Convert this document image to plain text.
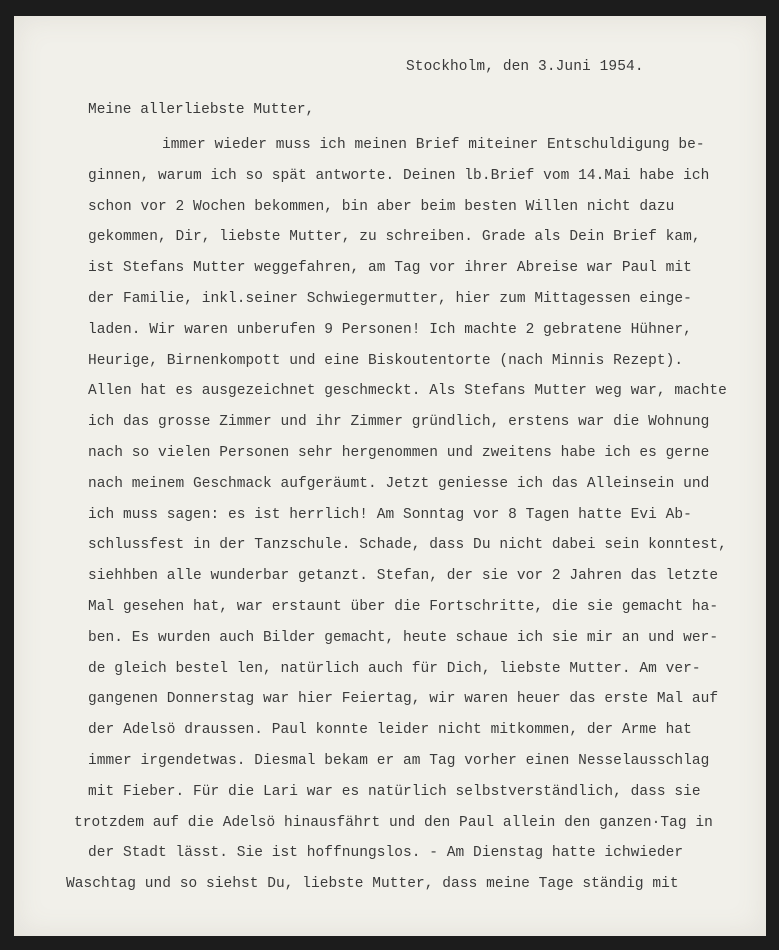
Stockholm, den 3.Juni 1954.
Meine allerliebste Mutter,
immer wieder muss ich meinen Brief miteiner Entschuldigung be-
ginnen, warum ich so spät antworte. Deinen lb.Brief vom 14.Mai habe ich
schon vor 2 Wochen bekommen, bin aber beim besten Willen nicht dazu
gekommen, Dir, liebste Mutter, zu schreiben. Grade als Dein Brief kam,
ist Stefans Mutter weggefahren, am Tag vor ihrer Abreise war Paul mit
der Familie, inkl.seiner Schwiegermutter, hier zum Mittagessen einge-
laden. Wir waren unberufen 9 Personen! Ich machte 2 gebratene Hühner,
Heurige, Birnenkompott und eine Biskoutentorte (nach Minnis Rezept).
Allen hat es ausgezeichnet geschmeckt. Als Stefans Mutter weg war, machte
ich das grosse Zimmer und ihr Zimmer gründlich, erstens war die Wohnung
nach so vielen Personen sehr hergenommen und zweitens habe ich es gerne
nach meinem Geschmack aufgeräumt. Jetzt geniesse ich das Alleinsein und
ich muss sagen: es ist herrlich! Am Sonntag vor 8 Tagen hatte Evi Ab-
schlussfest in der Tanzschule. Schade, dass Du nicht dabei sein konntest,
siehhben alle wunderbar getanzt. Stefan, der sie vor 2 Jahren das letzte
Mal gesehen hat, war erstaunt über die Fortschritte, die sie gemacht ha-
ben. Es wurden auch Bilder gemacht, heute schaue ich sie mir an und wer-
de gleich bestel len, natürlich auch für Dich, liebste Mutter. Am ver-
gangenen Donnerstag war hier Feiertag, wir waren heuer das erste Mal auf
der Adelsö draussen. Paul konnte leider nicht mitkommen, der Arme hat
immer irgendetwas. Diesmal bekam er am Tag vorher einen Nesselausschlag
mit Fieber. Für die Lari war es natürlich selbstverständlich, dass sie
trotzdem auf die Adelsö hinausfährt und den Paul allein den ganzen·Tag in
der Stadt lässt. Sie ist hoffnungslos. - Am Dienstag hatte ichwieder
Waschtag und so siehst Du, liebste Mutter, dass meine Tage ständig mit
